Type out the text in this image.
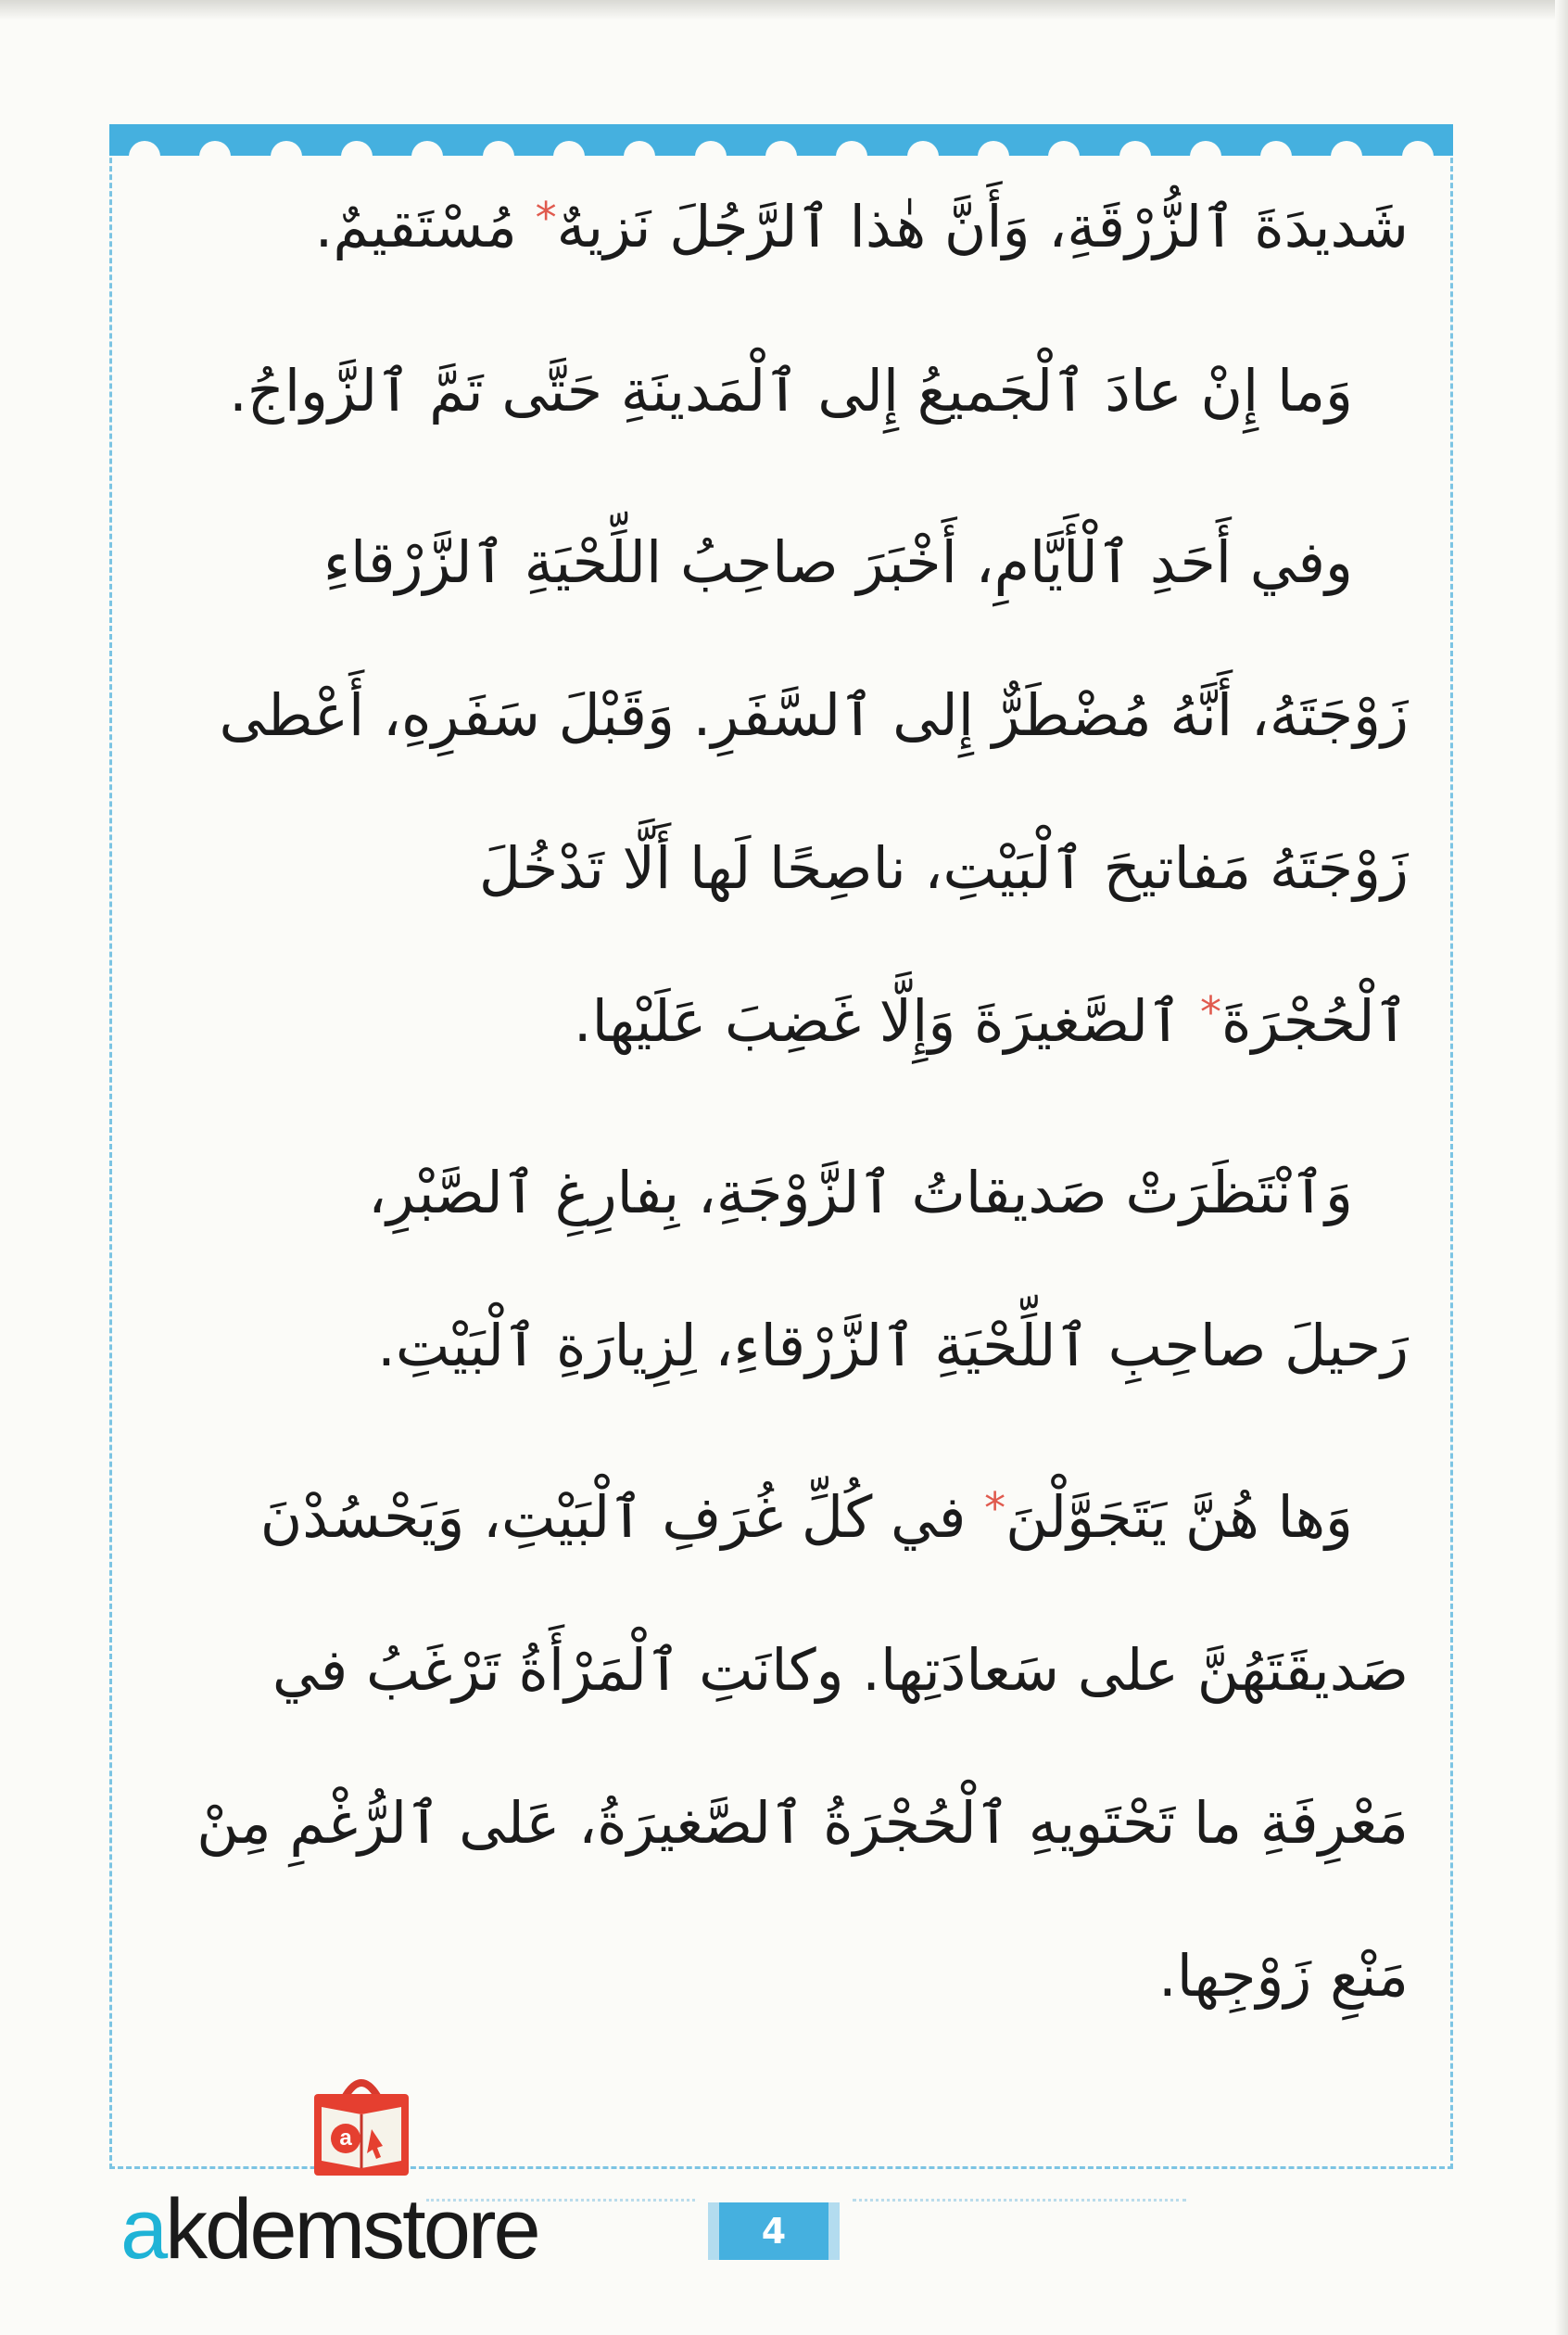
شَديدَةَ ٱلزُّرْقَةِ، وَأَنَّ هٰذا ٱلرَّجُلَ نَزيهٌ* مُسْتَقيمٌ.
وَما إِنْ عادَ ٱلْجَميعُ إِلى ٱلْمَدينَةِ حَتَّى تَمَّ ٱلزَّواجُ.
وفي أَحَدِ ٱلْأَيَّامِ، أَخْبَرَ صاحِبُ اللِّحْيَةِ ٱلزَّرْقاءِ
زَوْجَتَهُ، أَنَّهُ مُضْطَرٌّ إِلى ٱلسَّفَرِ. وَقَبْلَ سَفَرِهِ، أَعْطى
زَوْجَتَهُ مَفاتيحَ ٱلْبَيْتِ، ناصِحًا لَها أَلَّا تَدْخُلَ
ٱلْحُجْرَةَ* ٱلصَّغيرَةَ وَإِلَّا غَضِبَ عَلَيْها.
وَٱنْتَظَرَتْ صَديقاتُ ٱلزَّوْجَةِ، بِفارِغِ ٱلصَّبْرِ،
رَحيلَ صاحِبِ ٱللِّحْيَةِ ٱلزَّرْقاءِ، لِزِيارَةِ ٱلْبَيْتِ.
وَها هُنَّ يَتَجَوَّلْنَ* في كُلِّ غُرَفِ ٱلْبَيْتِ، وَيَحْسُدْنَ
صَديقَتَهُنَّ على سَعادَتِها. وكانَتِ ٱلْمَرْأَةُ تَرْغَبُ في
مَعْرِفَةِ ما تَحْتَويهِ ٱلْحُجْرَةُ ٱلصَّغيرَةُ، عَلى ٱلرُّغْمِ مِنْ
مَنْعِ زَوْجِها.
4
a
akdemstore
